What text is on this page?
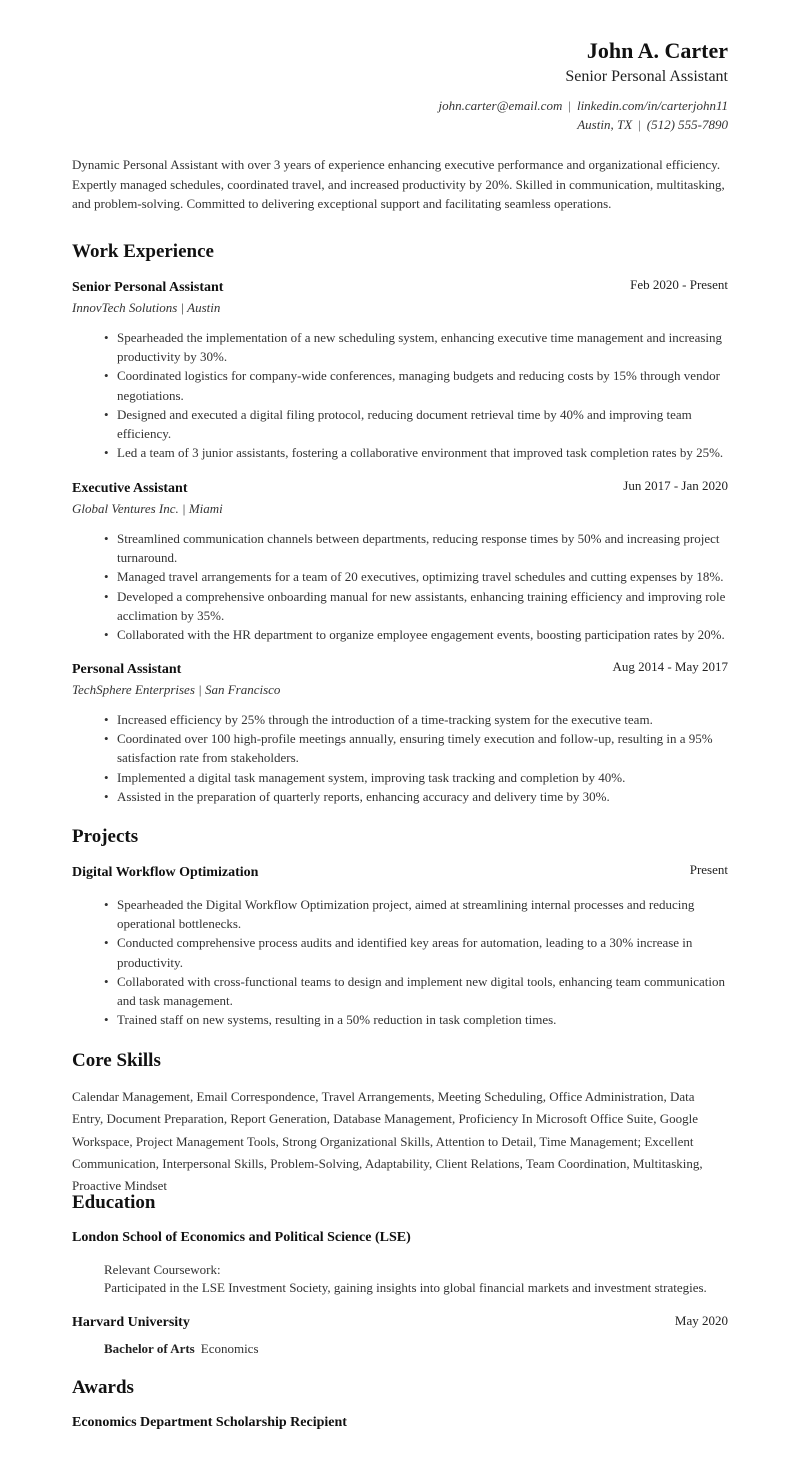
John A. Carter
Senior Personal Assistant
john.carter@email.com | linkedin.com/in/carterjohn11
Austin, TX | (512) 555-7890

Dynamic Personal Assistant with over 3 years of experience enhancing executive performance and organizational efficiency. Expertly managed schedules, coordinated travel, and increased productivity by 20%. Skilled in communication, multitasking, and problem-solving. Committed to delivering exceptional support and facilitating seamless operations.

Work Experience
Senior Personal Assistant	Feb 2020 - Present
InnovTech Solutions | Austin
• Spearheaded the implementation of a new scheduling system, enhancing executive time management and increasing productivity by 30%.
• Coordinated logistics for company-wide conferences, managing budgets and reducing costs by 15% through vendor negotiations.
• Designed and executed a digital filing protocol, reducing document retrieval time by 40% and improving team efficiency.
• Led a team of 3 junior assistants, fostering a collaborative environment that improved task completion rates by 25%.
Executive Assistant	Jun 2017 - Jan 2020
Global Ventures Inc. | Miami
• Streamlined communication channels between departments, reducing response times by 50% and increasing project turnaround.
• Managed travel arrangements for a team of 20 executives, optimizing travel schedules and cutting expenses by 18%.
• Developed a comprehensive onboarding manual for new assistants, enhancing training efficiency and improving role acclimation by 35%.
• Collaborated with the HR department to organize employee engagement events, boosting participation rates by 20%.
Personal Assistant	Aug 2014 - May 2017
TechSphere Enterprises | San Francisco
• Increased efficiency by 25% through the introduction of a time-tracking system for the executive team.
• Coordinated over 100 high-profile meetings annually, ensuring timely execution and follow-up, resulting in a 95% satisfaction rate from stakeholders.
• Implemented a digital task management system, improving task tracking and completion by 40%.
• Assisted in the preparation of quarterly reports, enhancing accuracy and delivery time by 30%.
Projects
Digital Workflow Optimization	Present
• Spearheaded the Digital Workflow Optimization project, aimed at streamlining internal processes and reducing operational bottlenecks.
• Conducted comprehensive process audits and identified key areas for automation, leading to a 30% increase in productivity.
• Collaborated with cross-functional teams to design and implement new digital tools, enhancing team communication and task management.
• Trained staff on new systems, resulting in a 50% reduction in task completion times.
Core Skills

Calendar Management, Email Correspondence, Travel Arrangements, Meeting Scheduling, Office Administration, Data Entry, Document Preparation, Report Generation, Database Management, Proficiency In Microsoft Office Suite, Google Workspace, Project Management Tools, Strong Organizational Skills, Attention to Detail, Time Management; Excellent Communication, Interpersonal Skills, Problem-Solving, Adaptability, Client Relations, Team Coordination, Multitasking, Proactive Mindset

Education
London School of Economics and Political Science (LSE)
Relevant Coursework:
Participated in the LSE Investment Society, gaining insights into global financial markets and investment strategies.
Harvard University	May 2020
Bachelor of Arts Economics
Awards
Economics Department Scholarship Recipient
